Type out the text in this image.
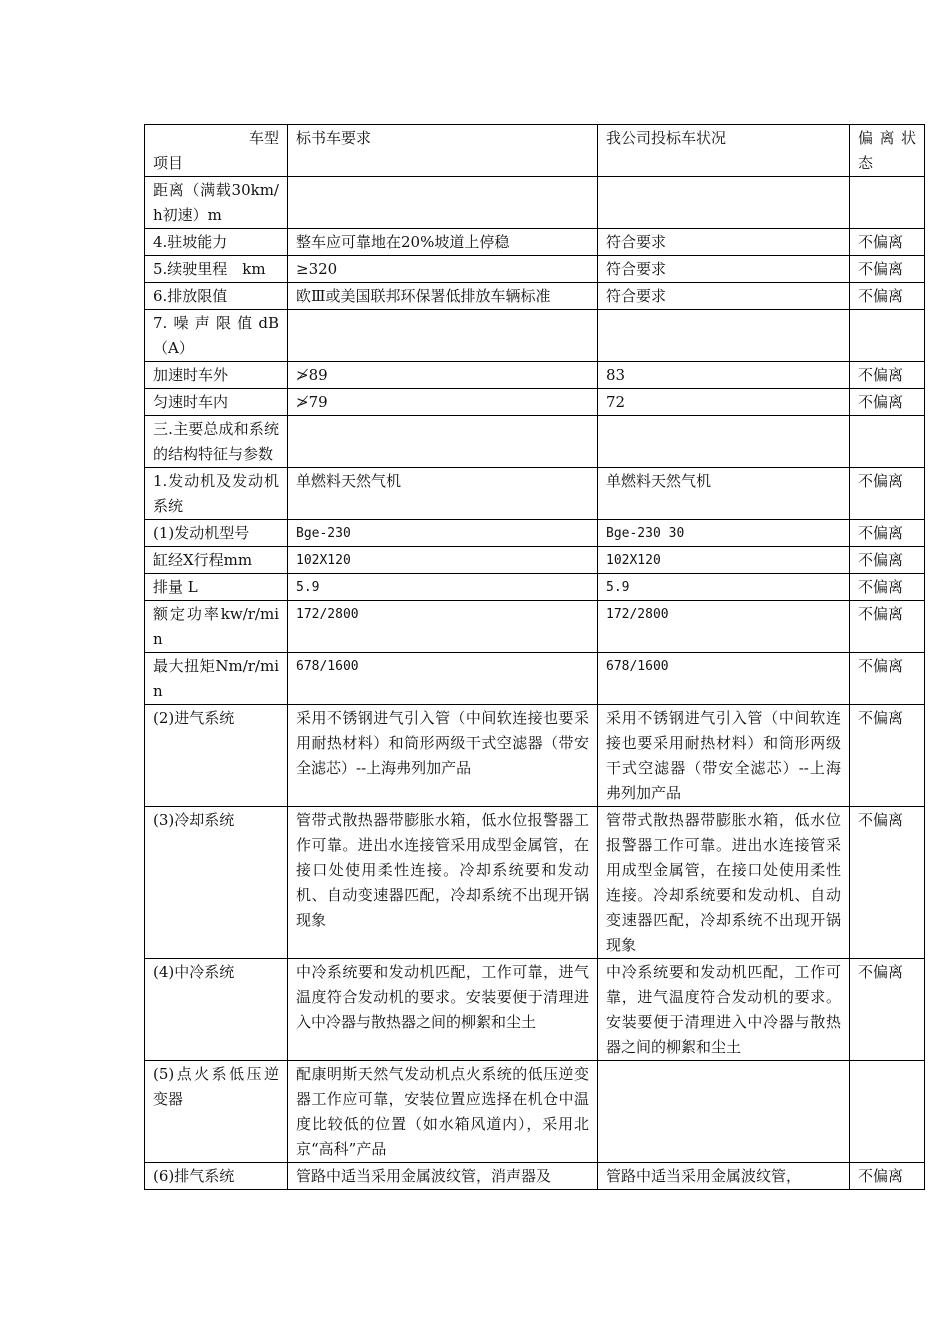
车型
项目	标书车要求	我公司投标车状况	偏离状态
距离（满载30km/h初速）m			
4.驻坡能力	整车应可靠地在20%坡道上停稳	符合要求	不偏离
5.续驶里程　km	≥320	符合要求	不偏离
6.排放限值	欧Ⅲ或美国联邦环保署低排放车辆标准	符合要求	不偏离
7.噪声限值dB（A）			
加速时车外	≯89	83	不偏离
匀速时车内	≯79	72	不偏离
三.主要总成和系统的结构特征与参数			
1.发动机及发动机系统	单燃料天然气机	单燃料天然气机	不偏离
(1)发动机型号	Bge-230	Bge-230 30	不偏离
缸经X行程mm	102X120	102X120	不偏离
排量 L	5.9	5.9	不偏离
额定功率kw/r/min	172/2800	172/2800	不偏离
最大扭矩Nm/r/min	678/1600	678/1600	不偏离
(2)进气系统	采用不锈钢进气引入管（中间软连接也要采用耐热材料）和筒形两级干式空滤器（带安全滤芯）--上海弗列加产品	采用不锈钢进气引入管（中间软连接也要采用耐热材料）和筒形两级干式空滤器（带安全滤芯）--上海弗列加产品	不偏离
(3)冷却系统	管带式散热器带膨胀水箱，低水位报警器工作可靠。进出水连接管采用成型金属管，在接口处使用柔性连接。冷却系统要和发动机、自动变速器匹配，冷却系统不出现开锅现象	管带式散热器带膨胀水箱，低水位报警器工作可靠。进出水连接管采用成型金属管，在接口处使用柔性连接。冷却系统要和发动机、自动变速器匹配，冷却系统不出现开锅现象	不偏离
(4)中冷系统	中冷系统要和发动机匹配，工作可靠，进气温度符合发动机的要求。安装要便于清理进入中冷器与散热器之间的柳絮和尘土	中冷系统要和发动机匹配，工作可靠，进气温度符合发动机的要求。安装要便于清理进入中冷器与散热器之间的柳絮和尘土	不偏离
(5)点火系低压逆变器	配康明斯天然气发动机点火系统的低压逆变器工作应可靠，安装位置应选择在机仓中温度比较低的位置（如水箱风道内），采用北京“高科”产品		
(6)排气系统	管路中适当采用金属波纹管，消声器及	管路中适当采用金属波纹管，	不偏离
